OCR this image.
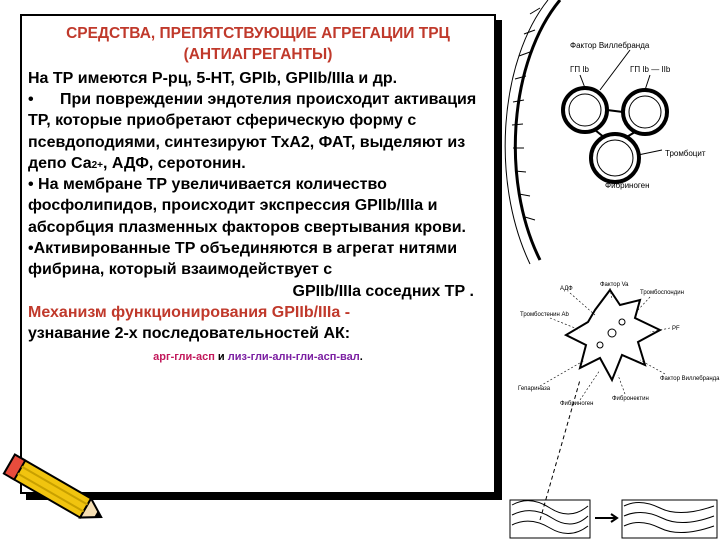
СРЕДСТВА, ПРЕПЯТСТВУЮЩИЕ АГРЕГАЦИИ ТРЦ (АНТИАГРЕГАНТЫ)

На ТР имеются Р-рц, 5-НТ, GPIb, GPIIb/IIIa и др.

• При повреждении эндотелия происходит активация ТР, которые приобретают сферическую форму с псевдоподиями, синтезируют ТхА2, ФАТ, выделяют из депо Са2+, АДФ, серотонин.

• На мембране ТР увеличивается количество фосфолипидов, происходит экспрессия GPIIb/IIIa и абсорбция плазменных факторов свертывания крови.

•Активированные ТР объединяются в агрегат нитями фибрина, который взаимодействует с

GPIIb/IIIa соседних ТР .

Механизм функционирования GPIIb/IIIa -

узнавание 2-х последовательностей АК:

арг-гли-асп и лиз-гли-алн-гли-асп-вал.

Фактор Виллебранда
ГП Ib	ГП Ib — IIb
Тромбоцит
Фибриноген
АДФ
Фактор Va
Тромбоспондин
Тромбостенин Ab
PF
Гепариназа
Фибриноген
Фибронектин
Фактор Виллебранда
